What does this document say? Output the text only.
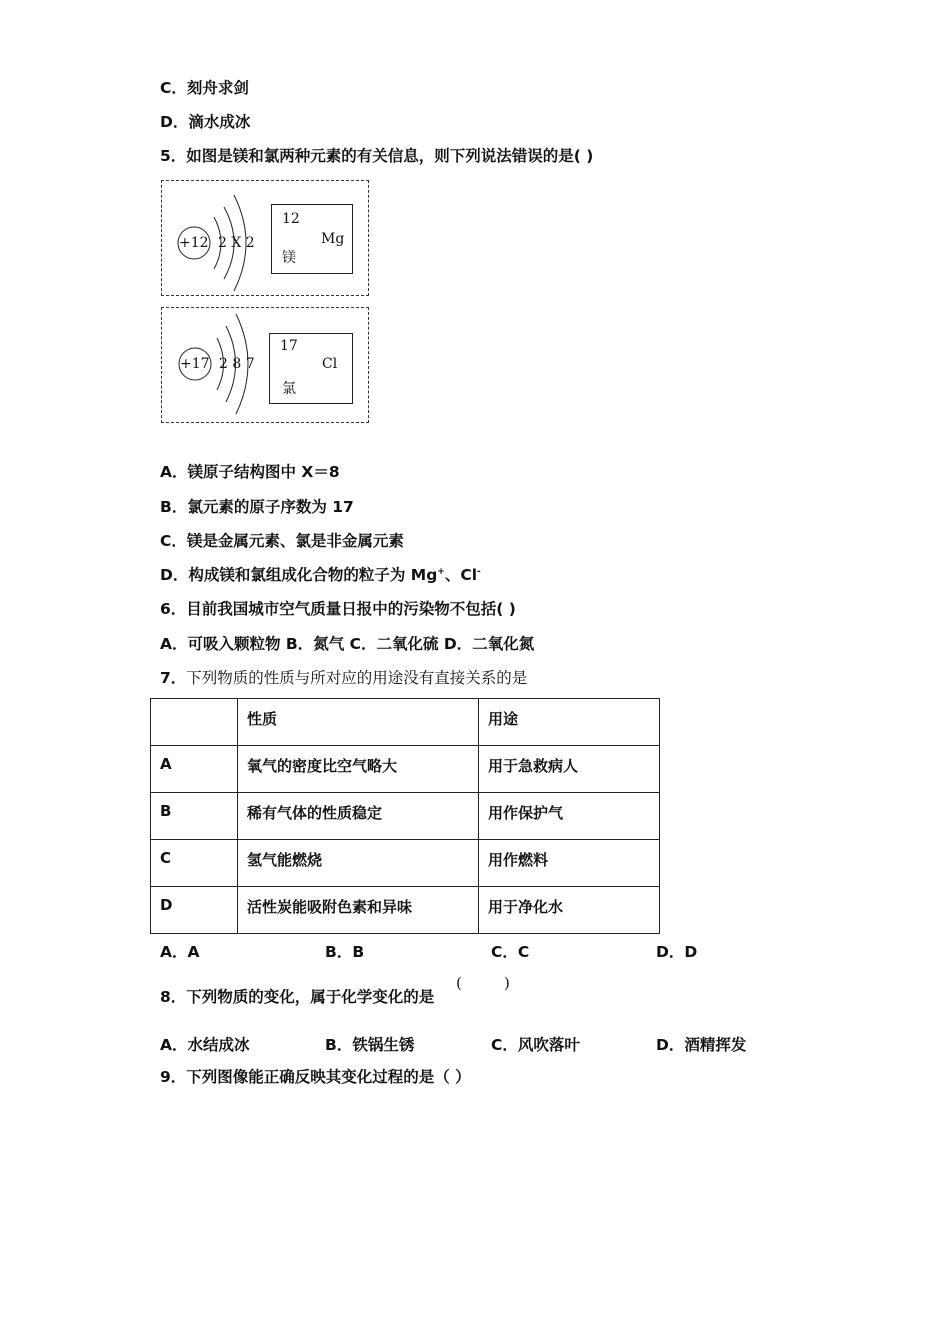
C．刻舟求剑
D．滴水成冰
5．如图是镁和氯两种元素的有关信息，则下列说法错误的是( )
+12 2 X 2
12
Mg
镁
+17 2 8 7
17
Cl
氯
A．镁原子结构图中 X＝8
B．氯元素的原子序数为 17
C．镁是金属元素、氯是非金属元素
D．构成镁和氯组成化合物的粒子为 Mg+、Cl-
6．目前我国城市空气质量日报中的污染物不包括( )
A．可吸入颗粒物 B．氮气 C．二氧化硫 D．二氧化氮
7．下列物质的性质与所对应的用途没有直接关系的是
	性质	用途
A	氧气的密度比空气略大	用于急救病人
B	稀有气体的性质稳定	用作保护气
C	氢气能燃烧	用作燃料
D	活性炭能吸附色素和异味	用于净化水
A．A	B．B	C．C	D．D
8．下列物质的变化，属于化学变化的是
(	)
A．水结成冰	B．铁锅生锈	C．风吹落叶	D．酒精挥发
9．下列图像能正确反映其变化过程的是（ ）
